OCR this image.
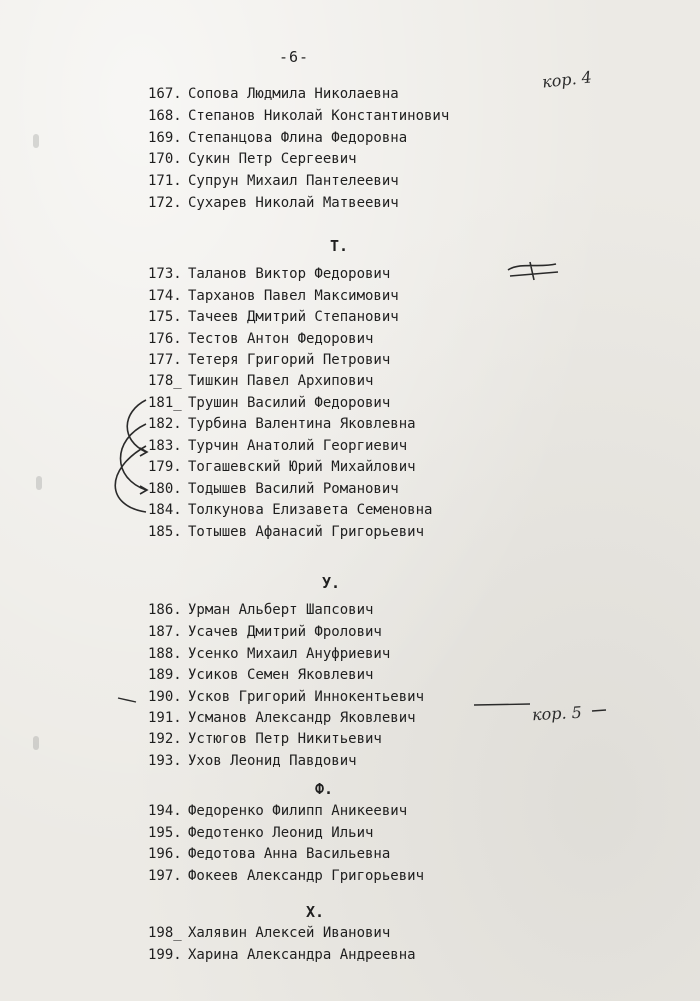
-6-
167. Сопова Людмила Николаевна
168. Степанов Николай Константинович
169. Степанцова Флина Федоровна
170. Сукин Петр Сергеевич
171. Супрун Михаил Пантелеевич
172. Сухарев Николай Матвеевич
Т.
173. Таланов Виктор Федорович
174. Тарханов Павел Максимович
175. Тачеев Дмитрий Степанович
176. Тестов Антон Федорович
177. Тетеря Григорий Петрович
178_ Тишкин Павел Архипович
181_ Трушин Василий Федорович
182. Турбина Валентина Яковлевна
183. Турчин Анатолий Георгиевич
179. Тогашевский Юрий Михайлович
180. Тодышев Василий Романович
184. Толкунова Елизавета Семеновна
185. Тотышев Афанасий Григорьевич
У.
186. Урман Альберт Шапсович
187. Усачев Дмитрий Фролович
188. Усенко Михаил Ануфриевич
189. Усиков Семен Яковлевич
190. Усков Григорий Иннокентьевич
191. Усманов Александр Яковлевич
192. Устюгов Петр Никитьевич
193. Ухов Леонид Павдович
Ф.
194. Федоренко Филипп Аникеевич
195. Федотенко Леонид Ильич
196. Федотова Анна Васильевна
197. Фокеев Александр Григорьевич
Х.
198_ Халявин Алексей Иванович
199. Харина Александра Андреевна
кор. 4
кор. 5
